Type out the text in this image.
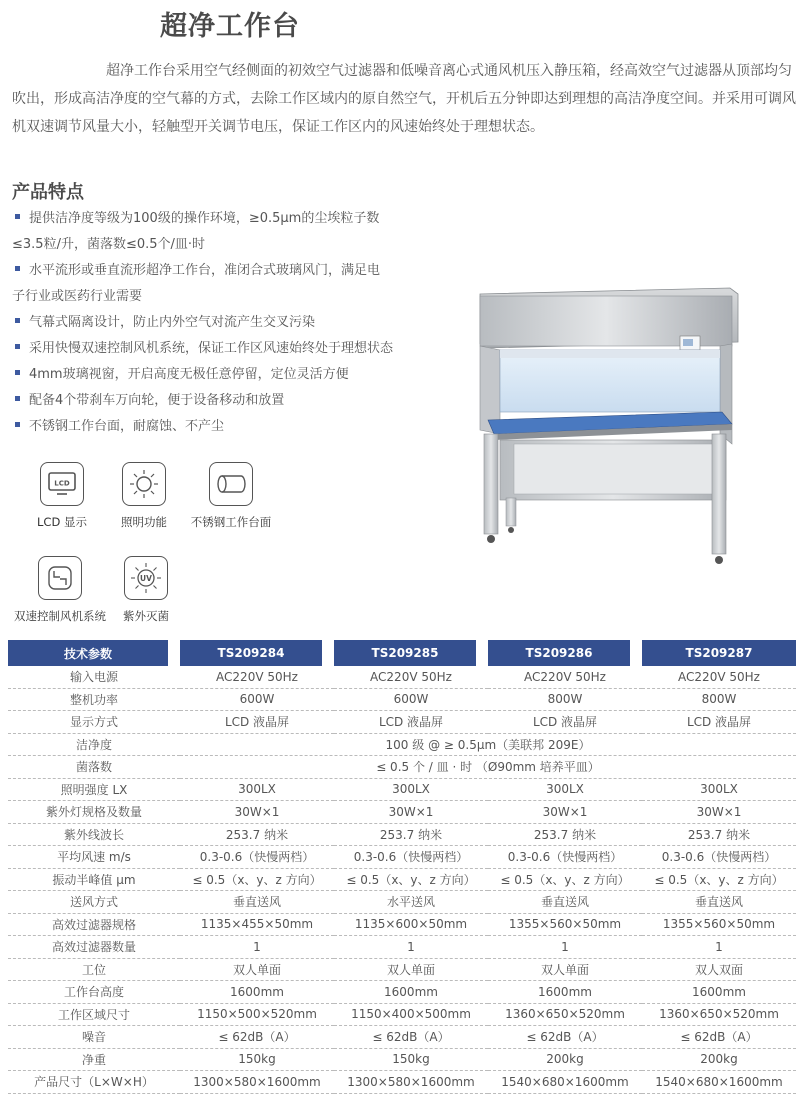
超净工作台

超净工作台采用空气经侧面的初效空气过滤器和低噪音离心式通风机压入静压箱，经高效空气过滤器从顶部均匀吹出，形成高洁净度的空气幕的方式，去除工作区域内的原自然空气，开机后五分钟即达到理想的高洁净度空间。并采用可调风机双速调节风量大小，轻触型开关调节电压，保证工作区内的风速始终处于理想状态。

产品特点
提供洁净度等级为100级的操作环境，≥0.5μm的尘埃粒子数
≤3.5粒/升，菌落数≤0.5个/皿·时
水平流形或垂直流形超净工作台，准闭合式玻璃风门，满足电
子行业或医药行业需要
气幕式隔离设计，防止内外空气对流产生交叉污染
采用快慢双速控制风机系统，保证工作区风速始终处于理想状态
4mm玻璃视窗，开启高度无极任意停留，定位灵活方便
配备4个带刹车万向轮，便于设备移动和放置
不锈钢工作台面，耐腐蚀、不产尘
LCD
LCD 显示	照明功能	不锈钢工作台面
双速控制风机系统
UV
紫外灭菌
技术参数	TS209284	TS209285	TS209286	TS209287
输入电源	AC220V 50Hz	AC220V 50Hz	AC220V 50Hz	AC220V 50Hz
整机功率	600W	600W	800W	800W
显示方式	LCD 液晶屏	LCD 液晶屏	LCD 液晶屏	LCD 液晶屏
洁净度	100 级 @ ≥ 0.5μm（美联邦 209E）			
菌落数	≤ 0.5 个 / 皿 · 时 （Ø90mm 培养平皿）			
照明强度 LX	300LX	300LX	300LX	300LX
紫外灯规格及数量	30W×1	30W×1	30W×1	30W×1
紫外线波长	253.7 纳米	253.7 纳米	253.7 纳米	253.7 纳米
平均风速 m/s	0.3-0.6（快慢两档）	0.3-0.6（快慢两档）	0.3-0.6（快慢两档）	0.3-0.6（快慢两档）
振动半峰值 μm	≤ 0.5（x、y、z 方向）	≤ 0.5（x、y、z 方向）	≤ 0.5（x、y、z 方向）	≤ 0.5（x、y、z 方向）
送风方式	垂直送风	水平送风	垂直送风	垂直送风
高效过滤器规格	1135×455×50mm	1135×600×50mm	1355×560×50mm	1355×560×50mm
高效过滤器数量	1	1	1	1
工位	双人单面	双人单面	双人单面	双人双面
工作台高度	1600mm	1600mm	1600mm	1600mm
工作区域尺寸	1150×500×520mm	1150×400×500mm	1360×650×520mm	1360×650×520mm
噪音	≤ 62dB（A）	≤ 62dB（A）	≤ 62dB（A）	≤ 62dB（A）
净重	150kg	150kg	200kg	200kg
产品尺寸（L×W×H）	1300×580×1600mm	1300×580×1600mm	1540×680×1600mm	1540×680×1600mm
